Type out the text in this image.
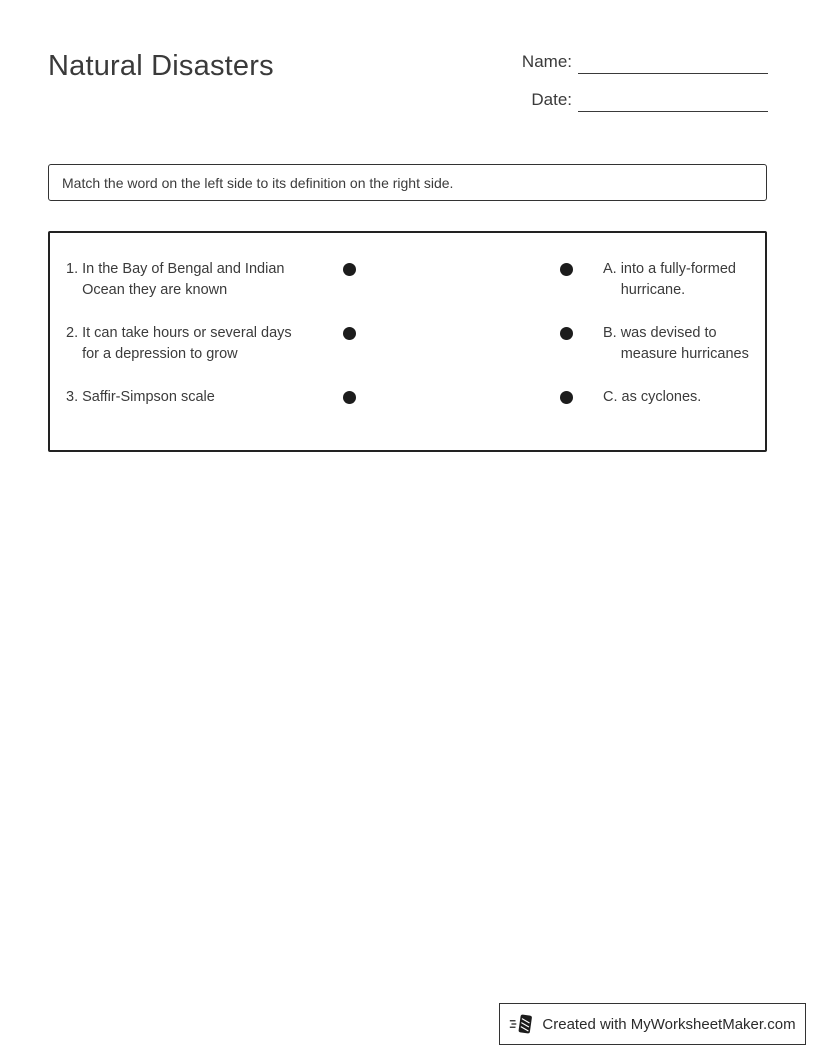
Natural Disasters	Name:
Date:
Match the word on the left side to its definition on the right side.
1. In the Bay of Bengal and Indian Ocean they are known
2. It can take hours or several days for a depression to grow
3. Saffir-Simpson scale
A. into a fully-formed hurricane.
B. was devised to measure hurricanes
C. as cyclones.
Created with MyWorksheetMaker.com
